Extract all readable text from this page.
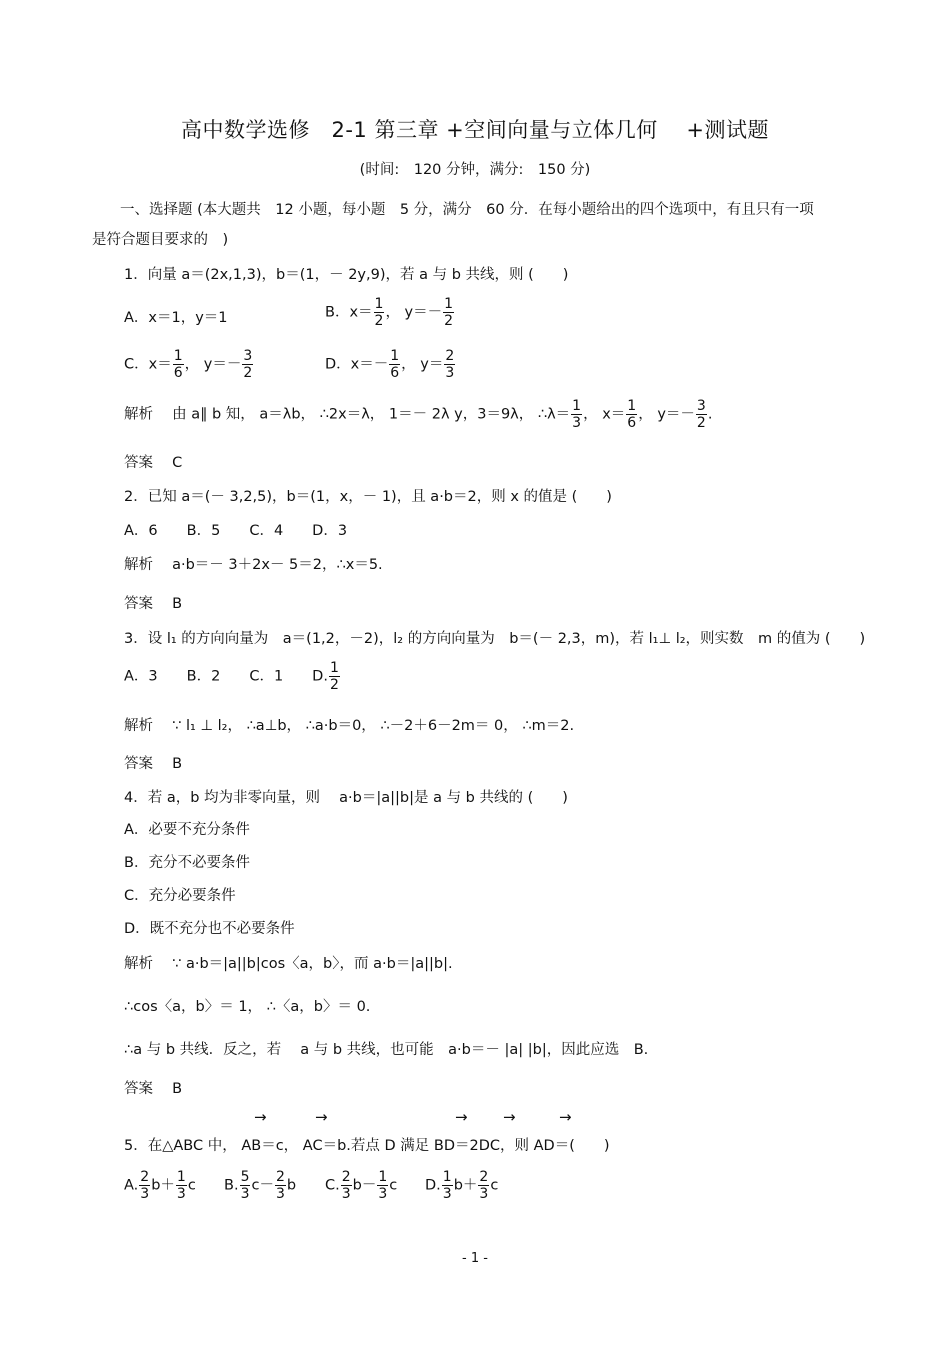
高中数学选修　2-1 第三章 +空间向量与立体几何　 +测试题
(时间:　120 分钟，满分:　150 分)
一、选择题 (本大题共　12 小题，每小题　5 分，满分　60 分．在每小题给出的四个选项中，有且只有一项
是符合题目要求的　)
1．向量 a＝(2x,1,3)，b＝(1，－ 2y,9)，若 a 与 b 共线，则 (　　)
A．x＝1，y＝1	B．$x= \frac{1}{2}$ ， $y=- \frac{1}{2}$
C．$x= \frac{1}{6}$ ， $y=- \frac{3}{2}$	D．$x=- \frac{1}{6}$ ， $y= \frac{2}{3}$
解析　 由 a∥ b 知， a＝λb， ∴2x＝λ， 1＝－ 2λ y，3＝9λ， ∴λ＝ $\frac{1}{3}$ ， $x= \frac{1}{6}$ ， $y=- \frac{3}{2}$ .
答案　 C
2．已知 a＝(－ 3,2,5)，b＝(1，x，－ 1)，且 a·b＝2，则 x 的值是 (　　)
A．6　　B．5　　C．4　　D．3
解析　 a·b＝－ 3＋2x－ 5＝2，∴x＝5.
答案　 B
3．设 l₁ 的方向向量为　a＝(1,2，－2)，l₂ 的方向向量为　b＝(－ 2,3，m)，若 l₁⊥ l₂，则实数　m 的值为 (　　)
A．3　　B．2　　C．1　　D. $\frac{1}{2}$
解析　 ∵ l₁ ⊥ l₂， ∴a⊥b， ∴a·b＝0， ∴－2＋6－2m＝ 0， ∴m＝2.
答案　 B
4．若 a，b 均为非零向量，则　 a·b＝|a||b|是 a 与 b 共线的 (　　)
A．必要不充分条件
B．充分不必要条件
C．充分必要条件
D．既不充分也不必要条件
解析　 ∵ a·b＝|a||b|cos〈a，b〉，而 a·b＝|a||b|.
∴cos〈a，b〉＝ 1， ∴〈a，b〉＝ 0.
∴a 与 b 共线．反之，若　 a 与 b 共线，也可能　a·b＝－ |a| |b|，因此应选　B.
答案　 B
→	→	→ →	→
5．在△ABC 中， AB＝c， AC＝b.若点 D 满足 BD＝2DC，则 AD＝(　　)
A. $\frac{2}{3} b+ \frac{1}{3}$ c B. $\frac{5}{3} c- \frac{2}{3}$ b C. $\frac{2}{3} b- \frac{1}{3}$ c D. $\frac{1}{3} b+ \frac{2}{3}$ c
- 1 -
